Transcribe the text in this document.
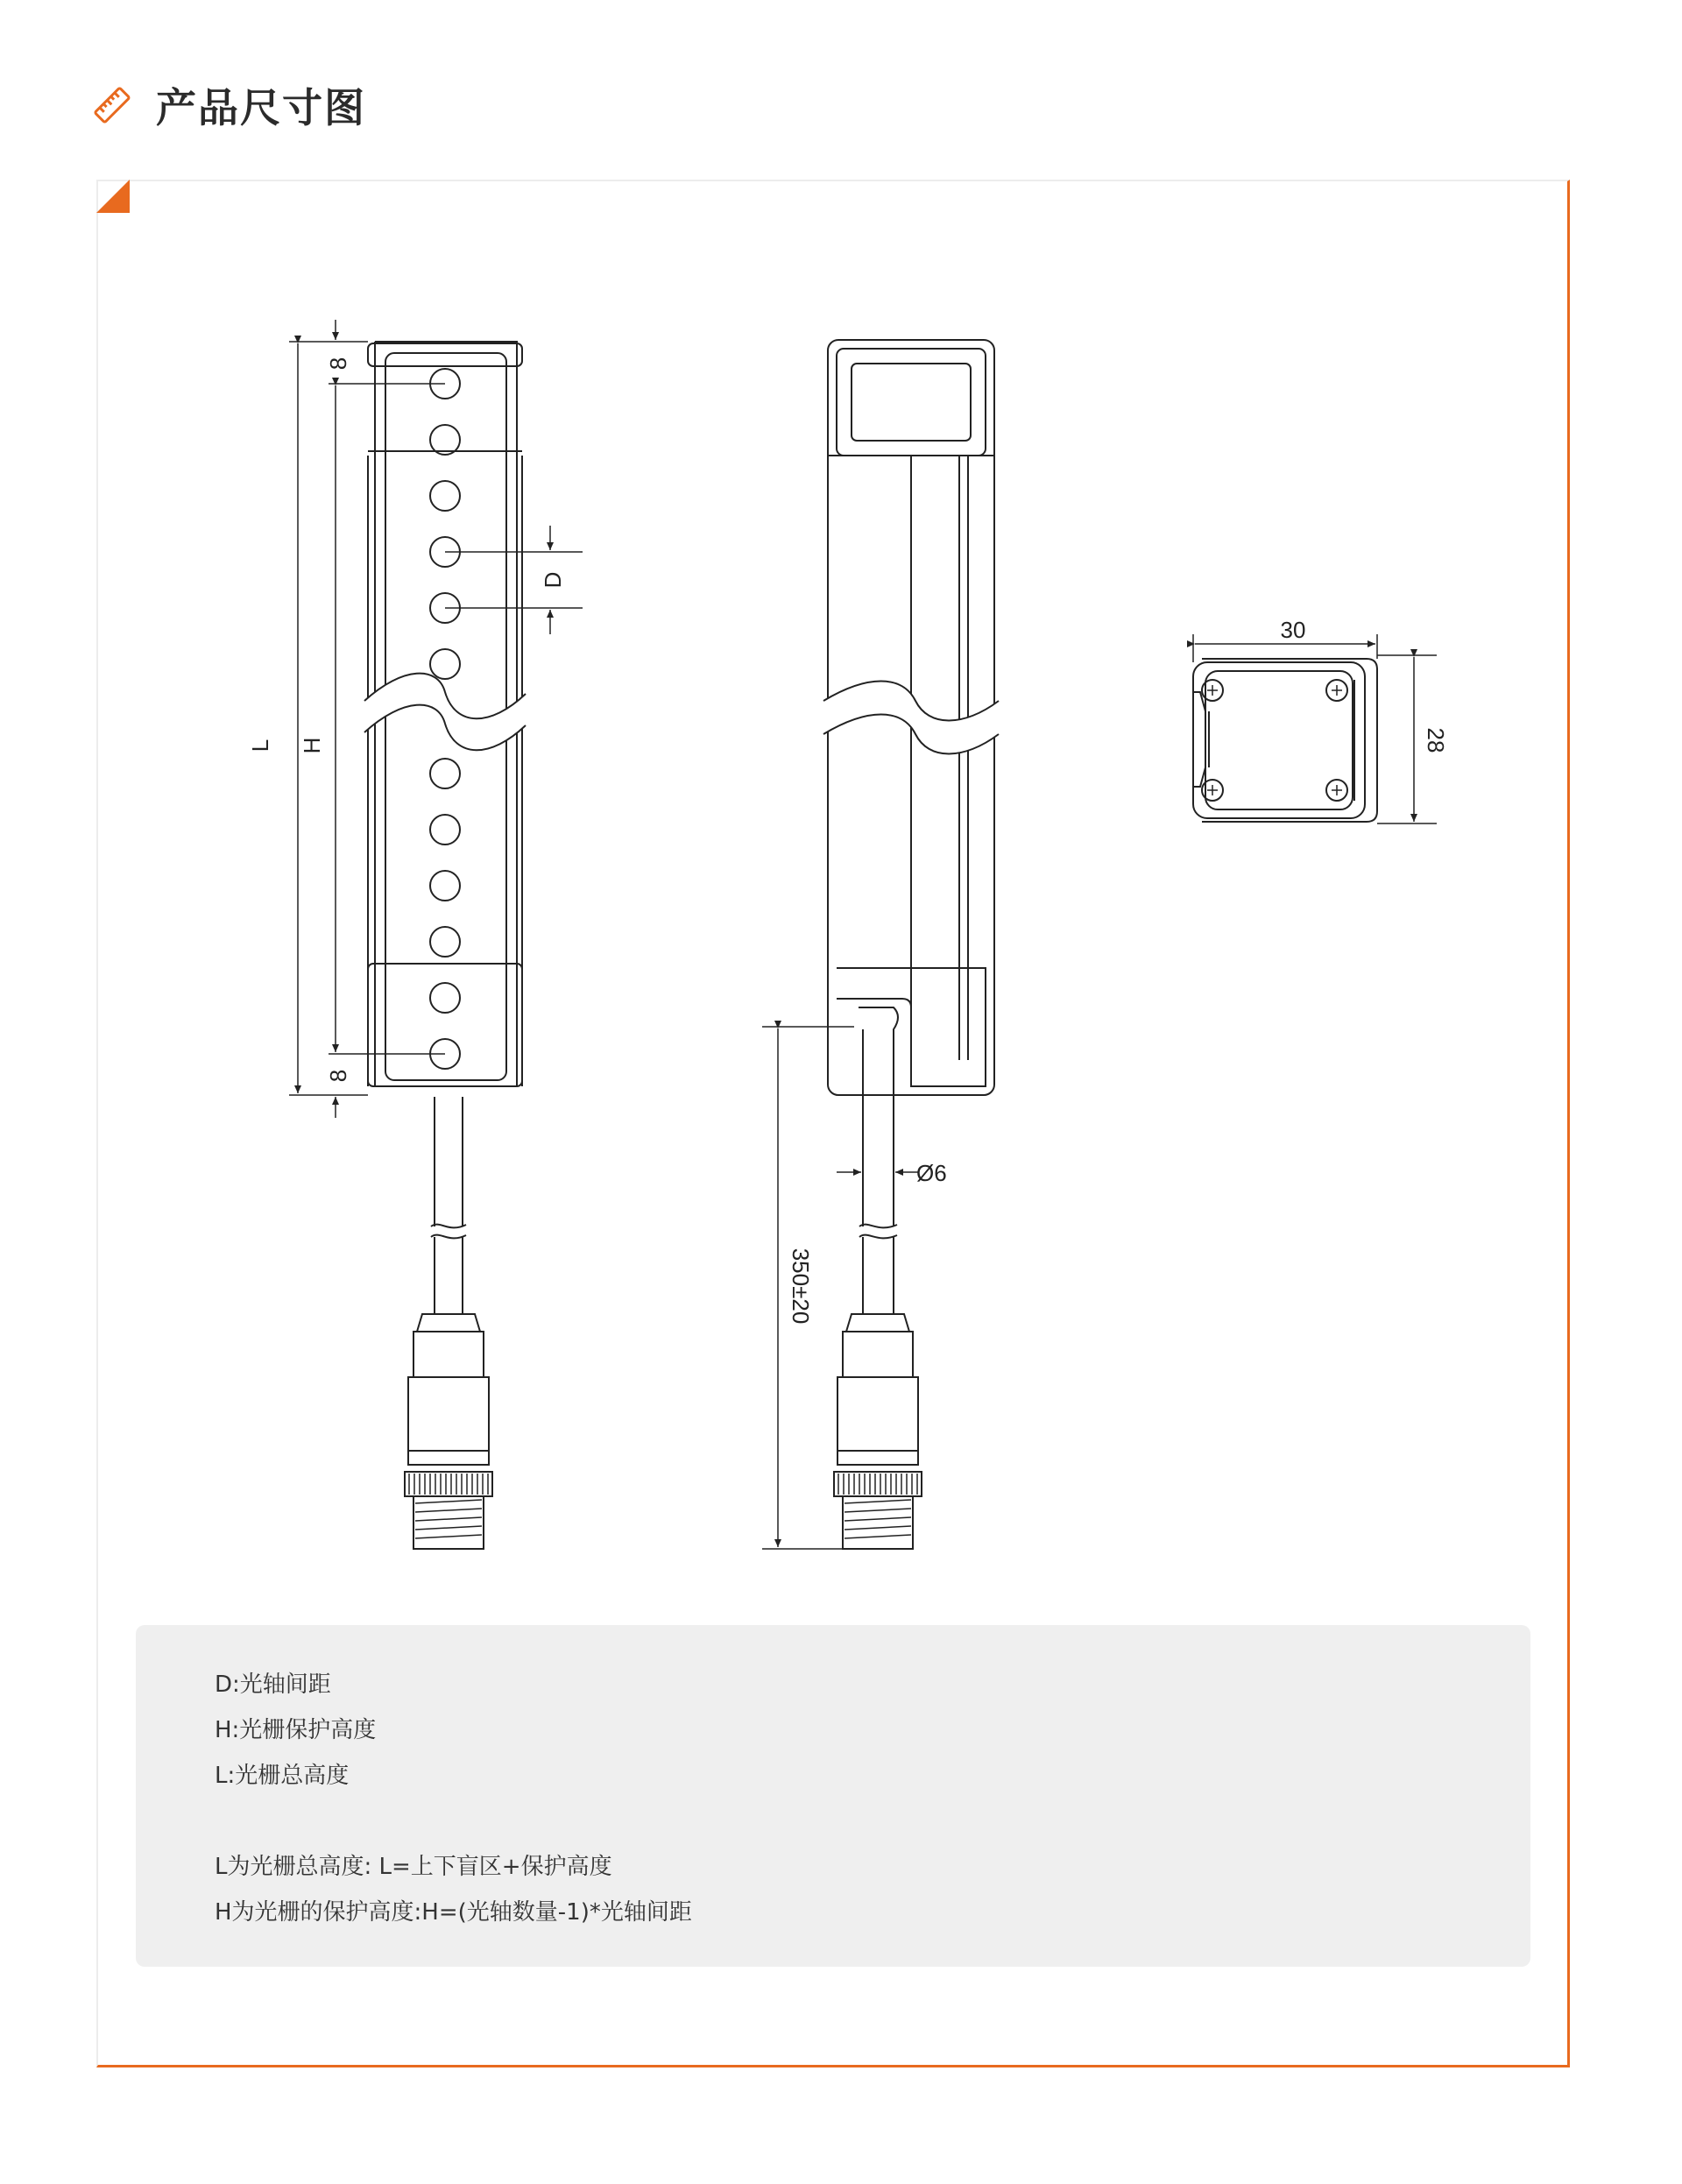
产品尺寸图
8
8
D
H
L
Ø6
350±20
30
28
D:光轴间距
H:光栅保护高度
L:光栅总高度
L为光栅总高度: L=上下盲区+保护高度
H为光栅的保护高度:H=(光轴数量-1)*光轴间距
